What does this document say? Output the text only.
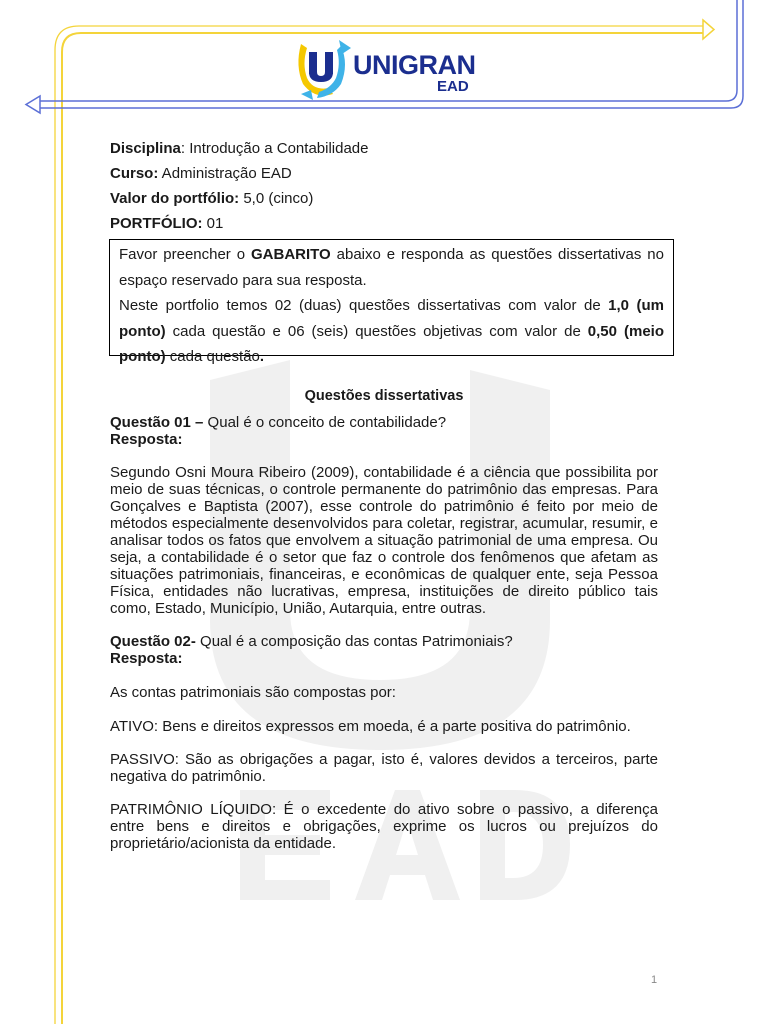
UNIGRAN
EAD
Disciplina: Introdução a Contabilidade
Curso: Administração EAD
Valor do portfólio: 5,0 (cinco)
PORTFÓLIO: 01

Favor preencher o GABARITO abaixo e responda as questões dissertativas no espaço reservado para sua resposta.

Neste portfolio temos 02 (duas) questões dissertativas com valor de 1,0 (um ponto) cada questão e 06 (seis) questões objetivas com valor de 0,50 (meio ponto) cada questão.

Questões dissertativas
Questão 01 – Qual é o conceito de contabilidade?
Resposta:
Segundo Osni Moura Ribeiro (2009), contabilidade é a ciência que possibilita por meio de suas técnicas, o controle permanente do patrimônio das empresas. Para Gonçalves e Baptista (2007), esse controle do patrimônio é feito por meio de métodos especialmente desenvolvidos para coletar, registrar, acumular, resumir, e analisar todos os fatos que envolvem a situação patrimonial de uma empresa. Ou seja, a contabilidade é o setor que faz o controle dos fenômenos que afetam as situações patrimoniais, financeiras, e econômicas de qualquer ente, seja Pessoa Física, entidades não lucrativas, empresa, instituições de direito público tais como, Estado, Município, União, Autarquia, entre outras.
Questão 02- Qual é a composição das contas Patrimoniais?
Resposta:
As contas patrimoniais são compostas por:
ATIVO: Bens e direitos expressos em moeda, é a parte positiva do patrimônio.
PASSIVO: São as obrigações a pagar, isto é, valores devidos a terceiros, parte negativa do patrimônio.
PATRIMÔNIO LÍQUIDO: É o excedente do ativo sobre o passivo, a diferença entre bens e direitos e obrigações, exprime os lucros ou prejuízos do proprietário/acionista da entidade.
1
